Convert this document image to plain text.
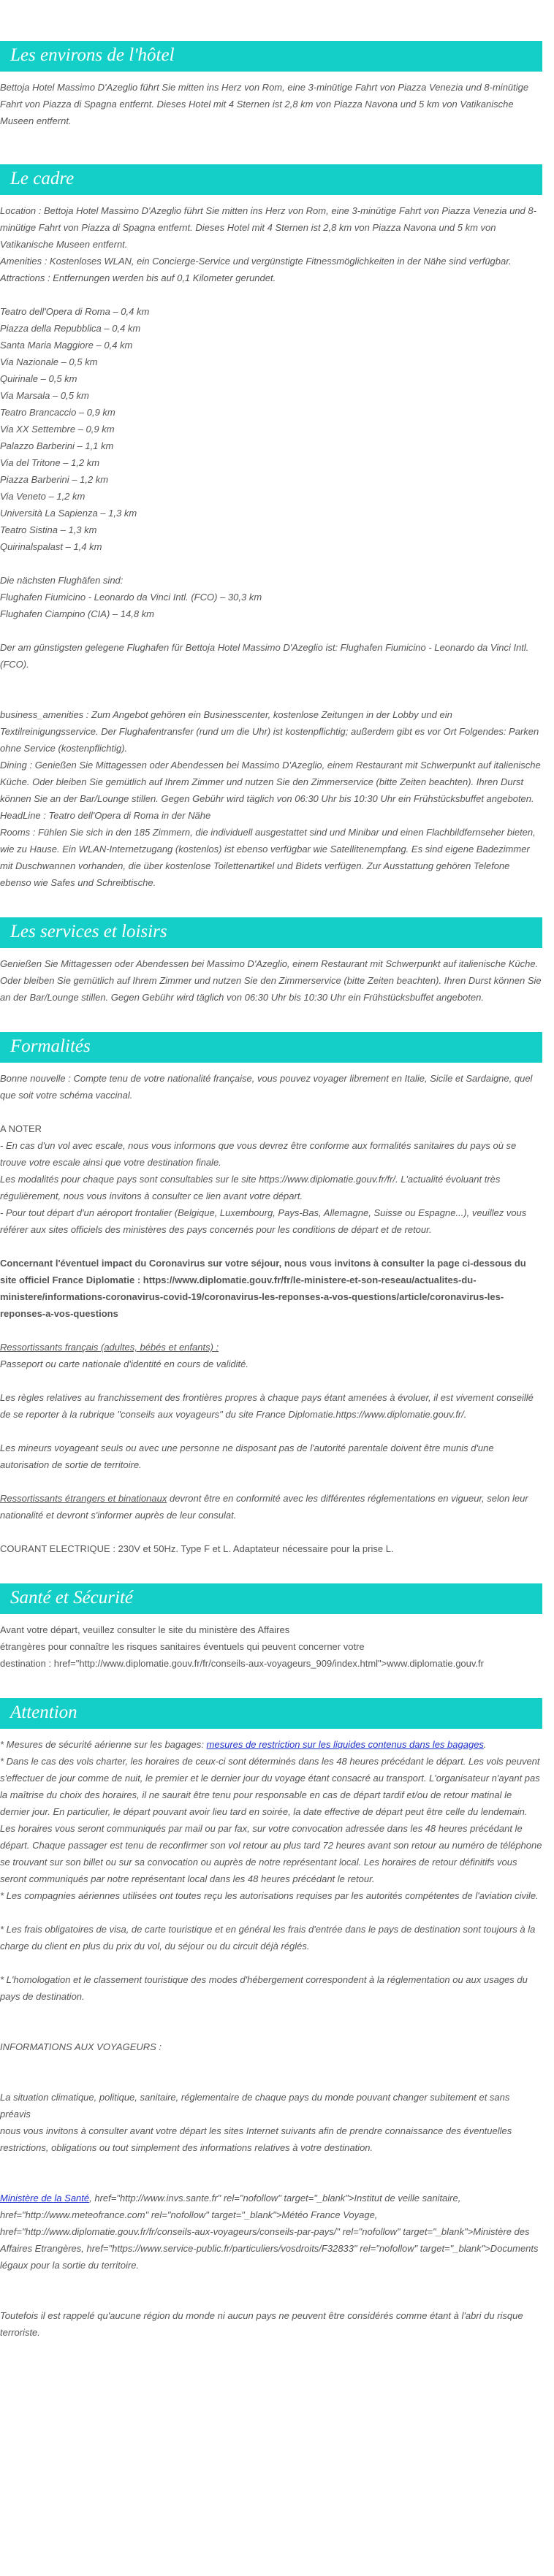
Les environs de l'hôtel

Bettoja Hotel Massimo D'Azeglio führt Sie mitten ins Herz von Rom, eine 3-minütige Fahrt von Piazza Venezia und 8-minütige Fahrt von Piazza di Spagna entfernt. Dieses Hotel mit 4 Sternen ist 2,8 km von Piazza Navona und 5 km von Vatikanische Museen entfernt.

Le cadre

Location : Bettoja Hotel Massimo D'Azeglio führt Sie mitten ins Herz von Rom, eine 3-minütige Fahrt von Piazza Venezia und 8-minütige Fahrt von Piazza di Spagna entfernt. Dieses Hotel mit 4 Sternen ist 2,8 km von Piazza Navona und 5 km von Vatikanische Museen entfernt.

Amenities : Kostenloses WLAN, ein Concierge-Service und vergünstigte Fitnessmöglichkeiten in der Nähe sind verfügbar.

Attractions : Entfernungen werden bis auf 0,1 Kilometer gerundet.

Teatro dell'Opera di Roma – 0,4 km

Piazza della Repubblica – 0,4 km

Santa Maria Maggiore – 0,4 km

Via Nazionale – 0,5 km

Quirinale – 0,5 km

Via Marsala – 0,5 km

Teatro Brancaccio – 0,9 km

Via XX Settembre – 0,9 km

Palazzo Barberini – 1,1 km

Via del Tritone – 1,2 km

Piazza Barberini – 1,2 km

Via Veneto – 1,2 km

Università La Sapienza – 1,3 km

Teatro Sistina – 1,3 km

Quirinalspalast – 1,4 km

Die nächsten Flughäfen sind:

Flughafen Fiumicino - Leonardo da Vinci Intl. (FCO) – 30,3 km

Flughafen Ciampino (CIA) – 14,8 km

Der am günstigsten gelegene Flughafen für Bettoja Hotel Massimo D'Azeglio ist: Flughafen Fiumicino - Leonardo da Vinci Intl. (FCO).

business_amenities : Zum Angebot gehören ein Businesscenter, kostenlose Zeitungen in der Lobby und ein Textilreinigungsservice. Der Flughafentransfer (rund um die Uhr) ist kostenpflichtig; außerdem gibt es vor Ort Folgendes: Parken ohne Service (kostenpflichtig).

Dining : Genießen Sie Mittagessen oder Abendessen bei Massimo D'Azeglio, einem Restaurant mit Schwerpunkt auf italienische Küche. Oder bleiben Sie gemütlich auf Ihrem Zimmer und nutzen Sie den Zimmerservice (bitte Zeiten beachten). Ihren Durst können Sie an der Bar/Lounge stillen. Gegen Gebühr wird täglich von 06:30 Uhr bis 10:30 Uhr ein Frühstücksbuffet angeboten.

HeadLine : Teatro dell'Opera di Roma in der Nähe

Rooms : Fühlen Sie sich in den 185 Zimmern, die individuell ausgestattet sind und Minibar und einen Flachbildfernseher bieten, wie zu Hause. Ein WLAN-Internetzugang (kostenlos) ist ebenso verfügbar wie Satellitenempfang. Es sind eigene Badezimmer mit Duschwannen vorhanden, die über kostenlose Toilettenartikel und Bidets verfügen. Zur Ausstattung gehören Telefone ebenso wie Safes und Schreibtische.

Les services et loisirs

Genießen Sie Mittagessen oder Abendessen bei Massimo D'Azeglio, einem Restaurant mit Schwerpunkt auf italienische Küche. Oder bleiben Sie gemütlich auf Ihrem Zimmer und nutzen Sie den Zimmerservice (bitte Zeiten beachten). Ihren Durst können Sie an der Bar/Lounge stillen. Gegen Gebühr wird täglich von 06:30 Uhr bis 10:30 Uhr ein Frühstücksbuffet angeboten.

Formalités

Bonne nouvelle : Compte tenu de votre nationalité française, vous pouvez voyager librement en Italie, Sicile et Sardaigne, quel que soit votre schéma vaccinal.

A NOTER

- En cas d'un vol avec escale, nous vous informons que vous devrez être conforme aux formalités sanitaires du pays où se trouve votre escale ainsi que votre destination finale.

Les modalités pour chaque pays sont consultables sur le site https://www.diplomatie.gouv.fr/fr/. L'actualité évoluant très régulièrement, nous vous invitons à consulter ce lien avant votre départ.

- Pour tout départ d'un aéroport frontalier (Belgique, Luxembourg, Pays-Bas, Allemagne, Suisse ou Espagne...), veuillez vous référer aux sites officiels des ministères des pays concernés pour les conditions de départ et de retour.

Concernant l'éventuel impact du Coronavirus sur votre séjour, nous vous invitons à consulter la page ci-dessous du site officiel France Diplomatie : https://www.diplomatie.gouv.fr/fr/le-ministere-et-son-reseau/actualites-du-ministere/informations-coronavirus-covid-19/coronavirus-les-reponses-a-vos-questions/article/coronavirus-les-reponses-a-vos-questions

Ressortissants français (adultes, bébés et enfants) :

Passeport ou carte nationale d'identité en cours de validité.

Les règles relatives au franchissement des frontières propres à chaque pays étant amenées à évoluer, il est vivement conseillé de se reporter à la rubrique "conseils aux voyageurs" du site France Diplomatie.https://www.diplomatie.gouv.fr/.

Les mineurs voyageant seuls ou avec une personne ne disposant pas de l'autorité parentale doivent être munis d'une autorisation de sortie de territoire.

Ressortissants étrangers et binationaux devront être en conformité avec les différentes réglementations en vigueur, selon leur nationalité et devront s'informer auprès de leur consulat.

COURANT ELECTRIQUE : 230V et 50Hz. Type F et L. Adaptateur nécessaire pour la prise L.

Santé et Sécurité

Avant votre départ, veuillez consulter le site du ministère des Affaires

étrangères pour connaître les risques sanitaires éventuels qui peuvent concerner votre

destination : href="http://www.diplomatie.gouv.fr/fr/conseils-aux-voyageurs_909/index.html">www.diplomatie.gouv.fr

Attention

* Mesures de sécurité aérienne sur les bagages: mesures de restriction sur les liquides contenus dans les bagages.

* Dans le cas des vols charter, les horaires de ceux-ci sont déterminés dans les 48 heures précédant le départ. Les vols peuvent s'effectuer de jour comme de nuit, le premier et le dernier jour du voyage étant consacré au transport. L'organisateur n'ayant pas la maîtrise du choix des horaires, il ne saurait être tenu pour responsable en cas de départ tardif et/ou de retour matinal le dernier jour. En particulier, le départ pouvant avoir lieu tard en soirée, la date effective de départ peut être celle du lendemain. Les horaires vous seront communiqués par mail ou par fax, sur votre convocation adressée dans les 48 heures précédant le départ. Chaque passager est tenu de reconfirmer son vol retour au plus tard 72 heures avant son retour au numéro de téléphone se trouvant sur son billet ou sur sa convocation ou auprès de notre représentant local. Les horaires de retour définitifs vous seront communiqués par notre représentant local dans les 48 heures précédant le retour.

* Les compagnies aériennes utilisées ont toutes reçu les autorisations requises par les autorités compétentes de l'aviation civile.

* Les frais obligatoires de visa, de carte touristique et en général les frais d'entrée dans le pays de destination sont toujours à la charge du client en plus du prix du vol, du séjour ou du circuit déjà réglés.

* L'homologation et le classement touristique des modes d'hébergement correspondent à la réglementation ou aux usages du pays de destination.

INFORMATIONS AUX VOYAGEURS :

La situation climatique, politique, sanitaire, réglementaire de chaque pays du monde pouvant changer subitement et sans préavis
nous vous invitons à consulter avant votre départ les sites Internet suivants afin de prendre connaissance des éventuelles restrictions, obligations ou tout simplement des informations relatives à votre destination.

Ministère de la Santé, href="http://www.invs.sante.fr" rel="nofollow" target="_blank">Institut de veille sanitaire, href="http://www.meteofrance.com" rel="nofollow" target="_blank">Météo France Voyage, href="http://www.diplomatie.gouv.fr/fr/conseils-aux-voyageurs/conseils-par-pays/" rel="nofollow" target="_blank">Ministère des Affaires Etrangères, href="https://www.service-public.fr/particuliers/vosdroits/F32833" rel="nofollow" target="_blank">Documents légaux pour la sortie du territoire.

Toutefois il est rappelé qu'aucune région du monde ni aucun pays ne peuvent être considérés comme étant à l'abri du risque terroriste.
